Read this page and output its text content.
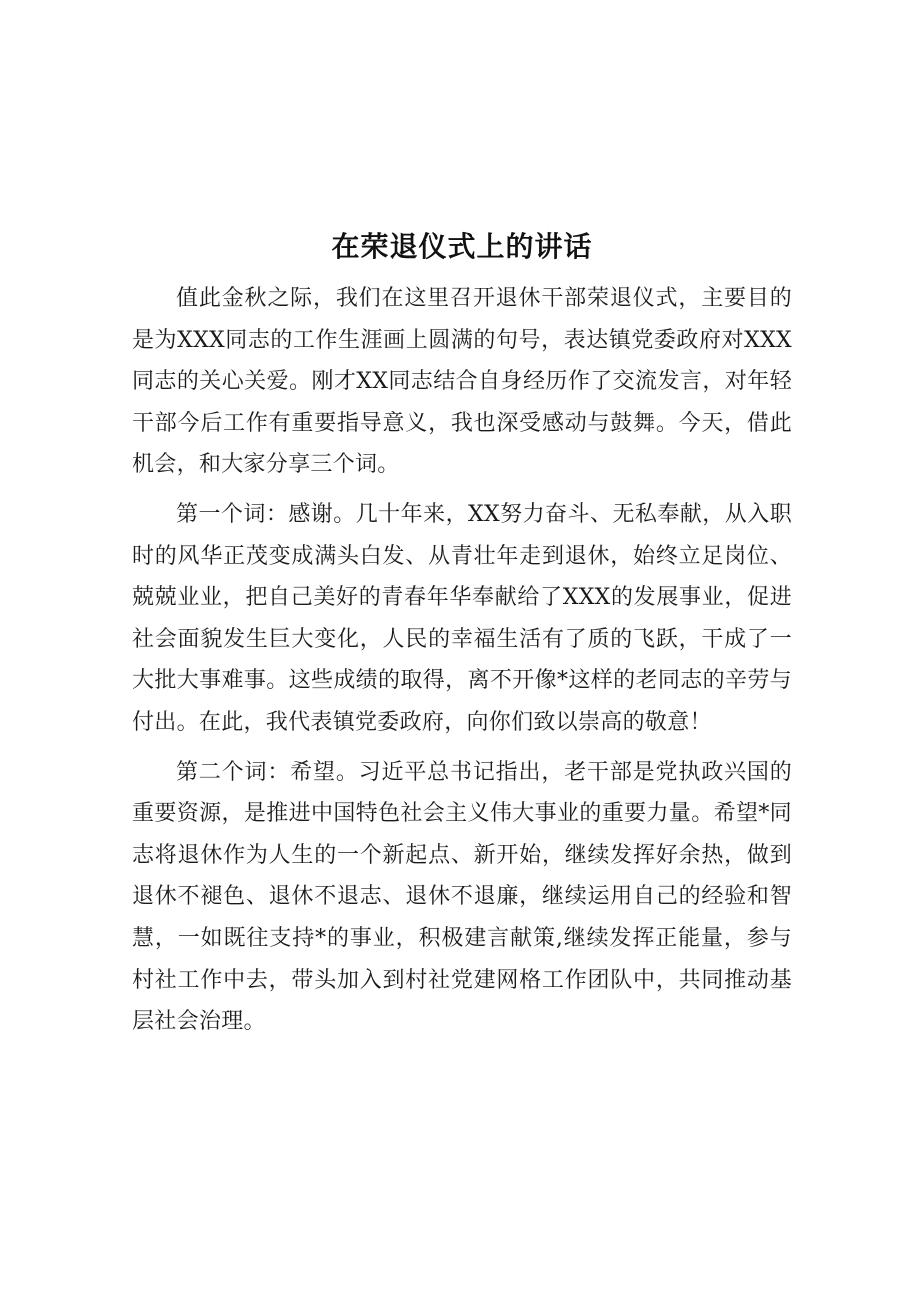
在荣退仪式上的讲话

值此金秋之际，我们在这里召开退休干部荣退仪式，主要目的是为XXX同志的工作生涯画上圆满的句号，表达镇党委政府对XXX同志的关心关爱。刚才XX同志结合自身经历作了交流发言，对年轻干部今后工作有重要指导意义，我也深受感动与鼓舞。今天，借此机会，和大家分享三个词。

第一个词：感谢。几十年来，XX努力奋斗、无私奉献，从入职时的风华正茂变成满头白发、从青壮年走到退休，始终立足岗位、兢兢业业，把自己美好的青春年华奉献给了XXX的发展事业，促进社会面貌发生巨大变化，人民的幸福生活有了质的飞跃，干成了一大批大事难事。这些成绩的取得，离不开像*这样的老同志的辛劳与付出。在此，我代表镇党委政府，向你们致以崇高的敬意！

第二个词：希望。习近平总书记指出，老干部是党执政兴国的重要资源，是推进中国特色社会主义伟大事业的重要力量。希望*同志将退休作为人生的一个新起点、新开始，继续发挥好余热，做到退休不褪色、退休不退志、退休不退廉，继续运用自己的经验和智慧，一如既往支持*的事业，积极建言献策,继续发挥正能量，参与村社工作中去，带头加入到村社党建网格工作团队中，共同推动基层社会治理。
